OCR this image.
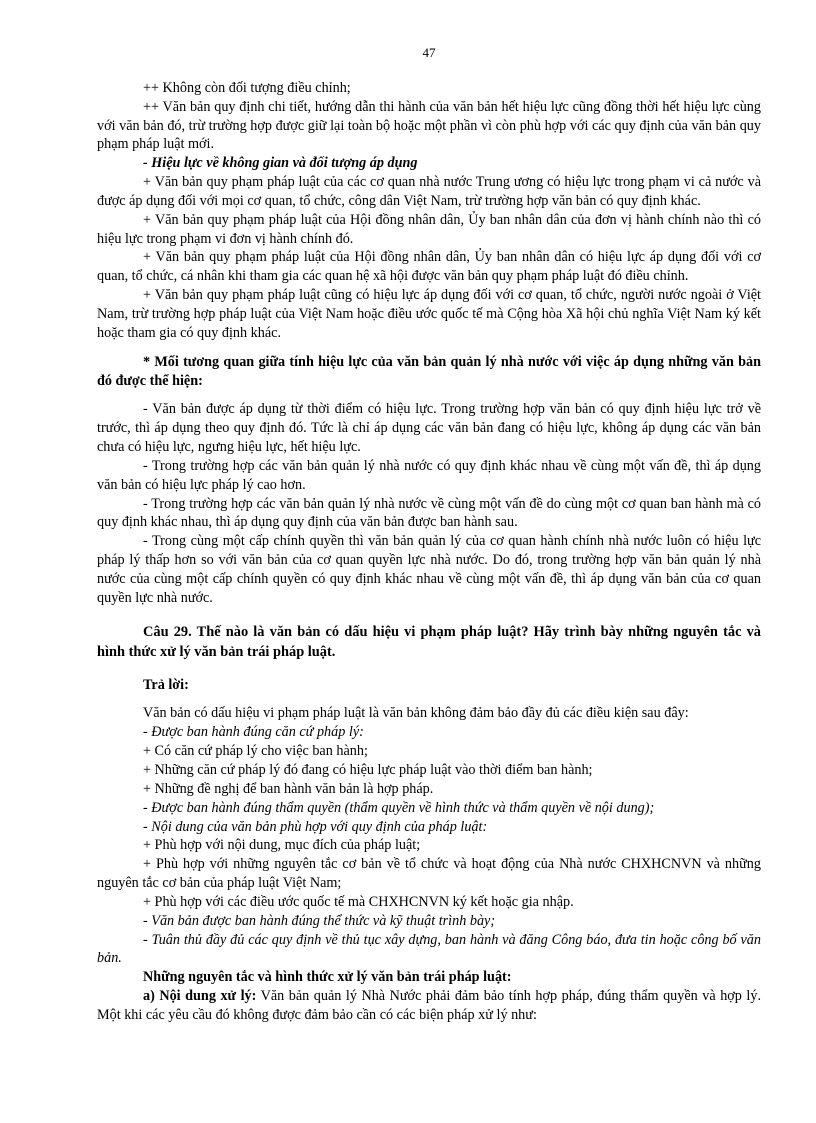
47

++ Không còn đối tượng điều chỉnh;

++ Văn bản quy định chi tiết, hướng dẫn thi hành của văn bản hết hiệu lực cũng đồng thời hết hiệu lực cùng với văn bản đó, trừ trường hợp được giữ lại toàn bộ hoặc một phần vì còn phù hợp với các quy định của văn bản quy phạm pháp luật mới.

- Hiệu lực về không gian và đối tượng áp dụng

+ Văn bản quy phạm pháp luật của các cơ quan nhà nước Trung ương có hiệu lực trong phạm vi cả nước và được áp dụng đối với mọi cơ quan, tổ chức, công dân Việt Nam, trừ trường hợp văn bản có quy định khác.

+ Văn bản quy phạm pháp luật của Hội đồng nhân dân, Ủy ban nhân dân của đơn vị hành chính nào thì có hiệu lực trong phạm vi đơn vị hành chính đó.

+ Văn bản quy phạm pháp luật của Hội đồng nhân dân, Ủy ban nhân dân có hiệu lực áp dụng đối với cơ quan, tổ chức, cá nhân khi tham gia các quan hệ xã hội được văn bản quy phạm pháp luật đó điều chỉnh.

+ Văn bản quy phạm pháp luật cũng có hiệu lực áp dụng đối với cơ quan, tổ chức, người nước ngoài ở Việt Nam, trừ trường hợp pháp luật của Việt Nam hoặc điều ước quốc tế mà Cộng hòa Xã hội chủ nghĩa Việt Nam ký kết hoặc tham gia có quy định khác.

* Mối tương quan giữa tính hiệu lực của văn bản quản lý nhà nước với việc áp dụng những văn bản đó được thể hiện:

- Văn bản được áp dụng từ thời điểm có hiệu lực. Trong trường hợp văn bản có quy định hiệu lực trở về trước, thì áp dụng theo quy định đó. Tức là chỉ áp dụng các văn bản đang có hiệu lực, không áp dụng các văn bản chưa có hiệu lực, ngưng hiệu lực, hết hiệu lực.

- Trong trường hợp các văn bản quản lý nhà nước có quy định khác nhau về cùng một vấn đề, thì áp dụng văn bản có hiệu lực pháp lý cao hơn.

- Trong trường hợp các văn bản quản lý nhà nước về cùng một vấn đề do cùng một cơ quan ban hành mà có quy định khác nhau, thì áp dụng quy định của văn bản được ban hành sau.

- Trong cùng một cấp chính quyền thì văn bản quản lý của cơ quan hành chính nhà nước luôn có hiệu lực pháp lý thấp hơn so với văn bản của cơ quan quyền lực nhà nước. Do đó, trong trường hợp văn bản quản lý nhà nước của cùng một cấp chính quyền có quy định khác nhau về cùng một vấn đề, thì áp dụng văn bản của cơ quan quyền lực nhà nước.

Câu 29. Thế nào là văn bản có dấu hiệu vi phạm pháp luật? Hãy trình bày những nguyên tắc và hình thức xử lý văn bản trái pháp luật.

Trả lời:

Văn bản có dấu hiệu vi phạm pháp luật là văn bản không đảm bảo đầy đủ các điều kiện sau đây:

- Được ban hành đúng căn cứ pháp lý:

+ Có căn cứ pháp lý cho việc ban hành;

+ Những căn cứ pháp lý đó đang có hiệu lực pháp luật vào thời điểm ban hành;

+ Những đề nghị để ban hành văn bản là hợp pháp.

- Được ban hành đúng thẩm quyền (thẩm quyền về hình thức và thẩm quyền về nội dung);

- Nội dung của văn bản phù hợp với quy định của pháp luật:

+ Phù hợp với nội dung, mục đích của pháp luật;

+ Phù hợp với những nguyên tắc cơ bản về tổ chức và hoạt động của Nhà nước CHXHCNVN và những nguyên tắc cơ bản của pháp luật Việt Nam;

+ Phù hợp với các điều ước quốc tế mà CHXHCNVN ký kết hoặc gia nhập.

- Văn bản được ban hành đúng thể thức và kỹ thuật trình bày;

- Tuân thủ đầy đủ các quy định về thủ tục xây dựng, ban hành và đăng Công báo, đưa tin hoặc công bố văn bản.

Những nguyên tắc và hình thức xử lý văn bản trái pháp luật:

a) Nội dung xử lý: Văn bản quản lý Nhà Nước phải đảm bảo tính hợp pháp, đúng thẩm quyền và hợp lý. Một khi các yêu cầu đó không được đảm bảo cần có các biện pháp xử lý như:
